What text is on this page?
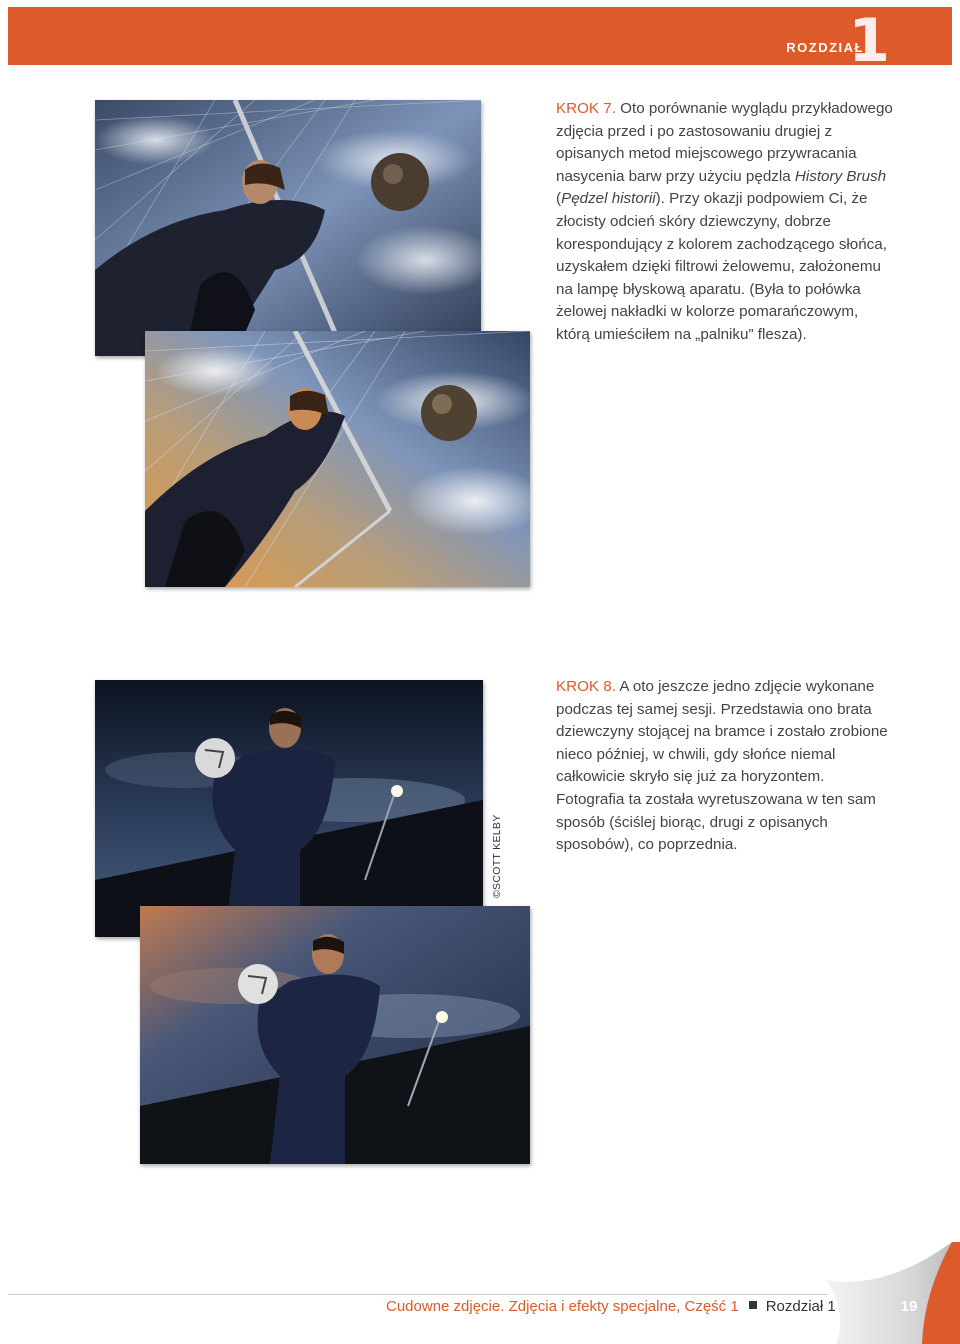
ROZDZIAŁ
1
KROK 7. Oto porównanie wyglądu przykładowego zdjęcia przed i po zastosowaniu drugiej z opisanych metod miejscowego przywracania nasycenia barw przy użyciu pędzla History Brush (Pędzel historii). Przy okazji podpowiem Ci, że złocisty odcień skóry dziewczyny, dobrze korespondujący z kolorem zachodzącego słońca, uzyskałem dzięki filtrowi żelowemu, założonemu na lampę błyskową aparatu. (Była to połówka żelowej nakładki w kolorze pomarańczowym, którą umieściłem na „palniku” flesza).
©SCOTT KELBY
KROK 8. A oto jeszcze jedno zdjęcie wykonane podczas tej samej sesji. Przedstawia ono brata dziewczyny stojącej na bramce i zostało zrobione nieco później, w chwili, gdy słońce niemal całkowicie skryło się już za horyzontem. Fotografia ta została wyretuszowana w ten sam sposób (ściślej biorąc, drugi z opisanych sposobów), co poprzednia.
Cudowne zdjęcie. Zdjęcia i efekty specjalne, Część 1 Rozdział 1	19
